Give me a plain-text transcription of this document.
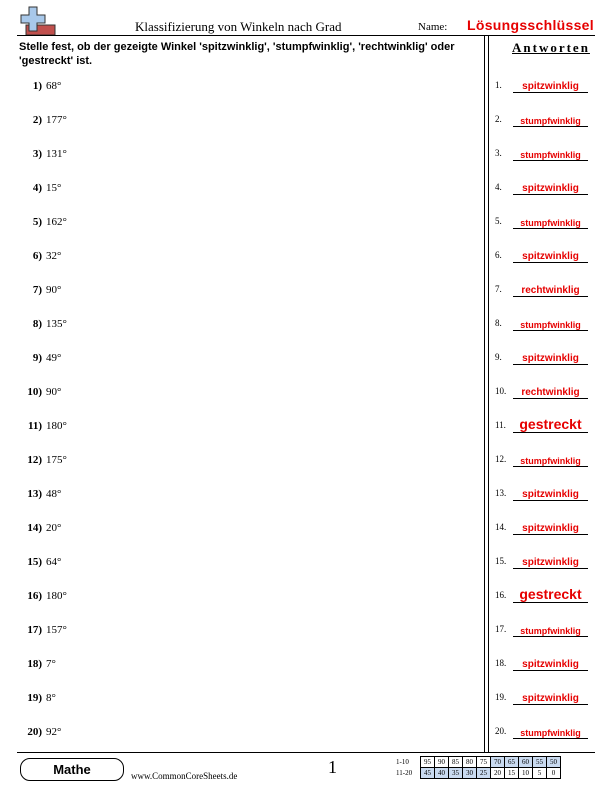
Klassifizierung von Winkeln nach Grad	Name: Lösungsschlüssel
Stelle fest, ob der gezeigte Winkel 'spitzwinklig', 'stumpfwinklig', 'rechtwinklig' oder 'gestreckt' ist.
1) 68°
2) 177°
3) 131°
4) 15°
5) 162°
6) 32°
7) 90°
8) 135°
9) 49°
10) 90°
11) 180°
12) 175°
13) 48°
14) 20°
15) 64°
16) 180°
17) 157°
18) 7°
19) 8°
20) 92°
Antworten
1.	spitzwinklig
2.	stumpfwinklig
3.	stumpfwinklig
4.	spitzwinklig
5.	stumpfwinklig
6.	spitzwinklig
7.	rechtwinklig
8.	stumpfwinklig
9.	spitzwinklig
10.	rechtwinklig
11. gestreckt
12.	stumpfwinklig
13.	spitzwinklig
14.	spitzwinklig
15.	spitzwinklig
16. gestreckt
17.	stumpfwinklig
18.	spitzwinklig
19.	spitzwinklig
20.	stumpfwinklig
Mathe	www.CommonCoreSheets.de	1	1-10	95	90	85	80	75	70	65	60	55	50
11-20	45	40	35	30	25	20	15	10	5	0
